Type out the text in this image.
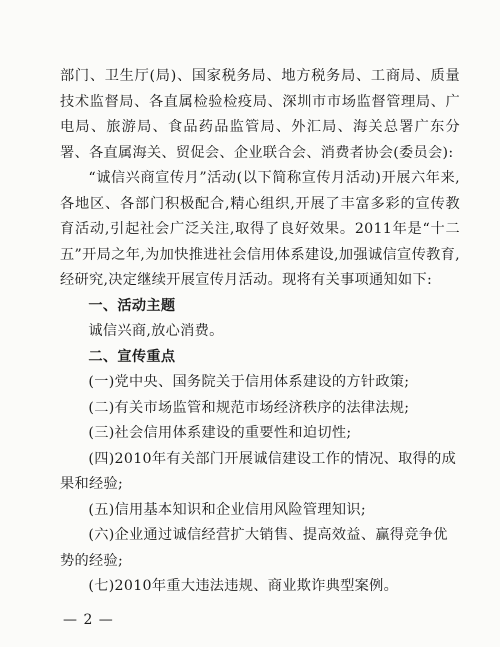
部门、卫生厅(局)、国家税务局、地方税务局、工商局、质量技术监督局、各直属检验检疫局、深圳市市场监督管理局、广电局、旅游局、食品药品监管局、外汇局、海关总署广东分署、各直属海关、贸促会、企业联合会、消费者协会(委员会):

“诚信兴商宣传月”活动(以下简称宣传月活动)开展六年来,各地区、各部门积极配合,精心组织,开展了丰富多彩的宣传教育活动,引起社会广泛关注,取得了良好效果。2011年是“十二五”开局之年,为加快推进社会信用体系建设,加强诚信宣传教育,经研究,决定继续开展宣传月活动。现将有关事项通知如下:

一、活动主题

诚信兴商,放心消费。

二、宣传重点

(一)党中央、国务院关于信用体系建设的方针政策;

(二)有关市场监管和规范市场经济秩序的法律法规;

(三)社会信用体系建设的重要性和迫切性;

(四)2010年有关部门开展诚信建设工作的情况、取得的成果和经验;

(五)信用基本知识和企业信用风险管理知识;

(六)企业通过诚信经营扩大销售、提高效益、赢得竞争优势的经验;

(七)2010年重大违法违规、商业欺诈典型案例。

— 2 —
